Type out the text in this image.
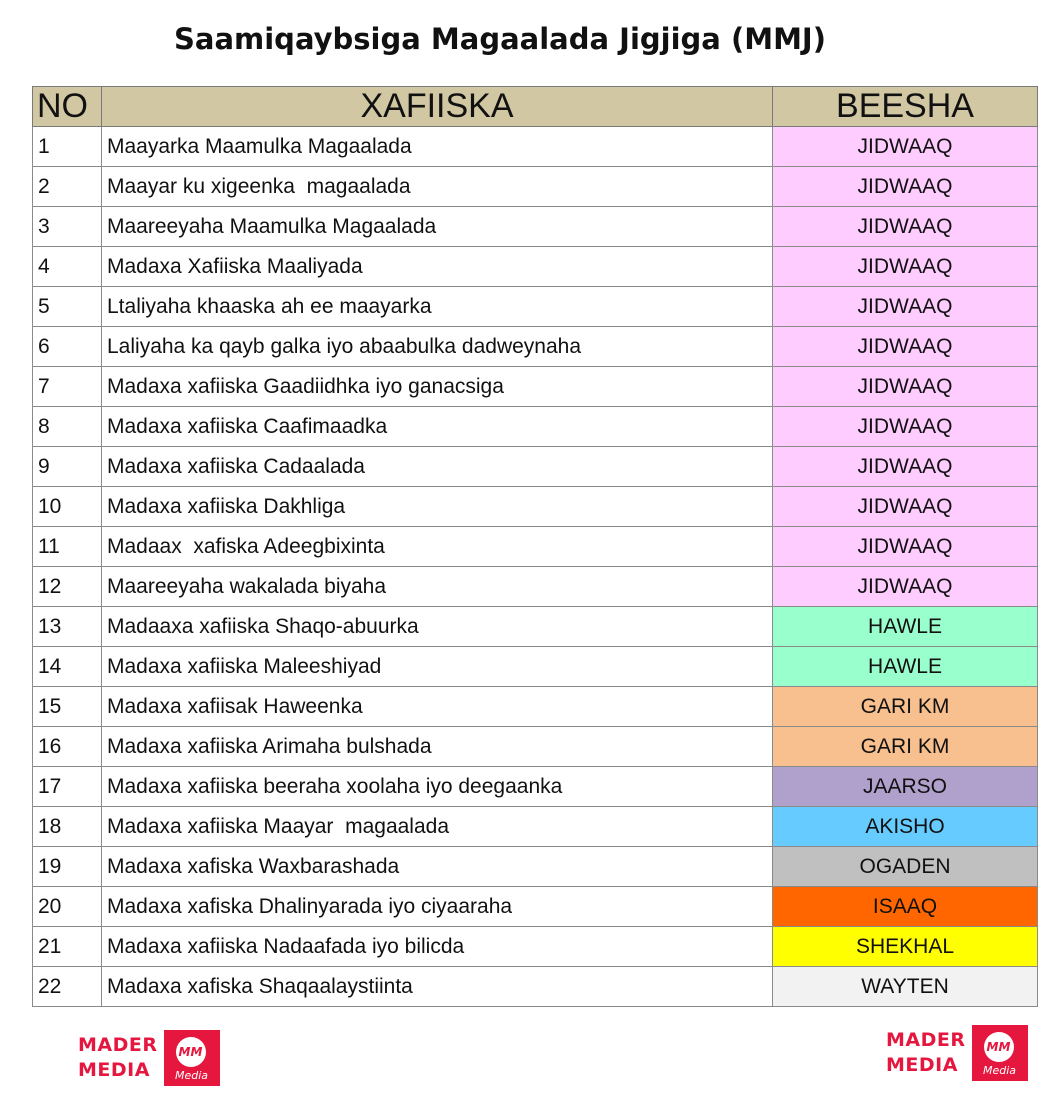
Saamiqaybsiga Magaalada Jigjiga (MMJ)
NO	XAFIISKA	BEESHA
1	Maayarka Maamulka Magaalada	JIDWAAQ
2	Maayar ku xigeenka  magaalada	JIDWAAQ
3	Maareeyaha Maamulka Magaalada	JIDWAAQ
4	Madaxa Xafiiska Maaliyada	JIDWAAQ
5	Ltaliyaha khaaska ah ee maayarka	JIDWAAQ
6	Laliyaha ka qayb galka iyo abaabulka dadweynaha	JIDWAAQ
7	Madaxa xafiiska Gaadiidhka iyo ganacsiga	JIDWAAQ
8	Madaxa xafiiska Caafimaadka	JIDWAAQ
9	Madaxa xafiiska Cadaalada	JIDWAAQ
10	Madaxa xafiiska Dakhliga	JIDWAAQ
11	Madaax  xafiska Adeegbixinta	JIDWAAQ
12	Maareeyaha wakalada biyaha	JIDWAAQ
13	Madaaxa xafiiska Shaqo-abuurka	HAWLE
14	Madaxa xafiiska Maleeshiyad	HAWLE
15	Madaxa xafiisak Haweenka	GARI KM
16	Madaxa xafiiska Arimaha bulshada	GARI KM
17	Madaxa xafiiska beeraha xoolaha iyo deegaanka	JAARSO
18	Madaxa xafiiska Maayar  magaalada	AKISHO
19	Madaxa xafiska Waxbarashada	OGADEN
20	Madaxa xafiska Dhalinyarada iyo ciyaaraha	ISAAQ
21	Madaxa xafiiska Nadaafada iyo bilicda	SHEKHAL
22	Madaxa xafiska Shaqaalaystiinta	WAYTEN
MADER
MEDIA
MM
Media
MADER
MEDIA
MM
Media
